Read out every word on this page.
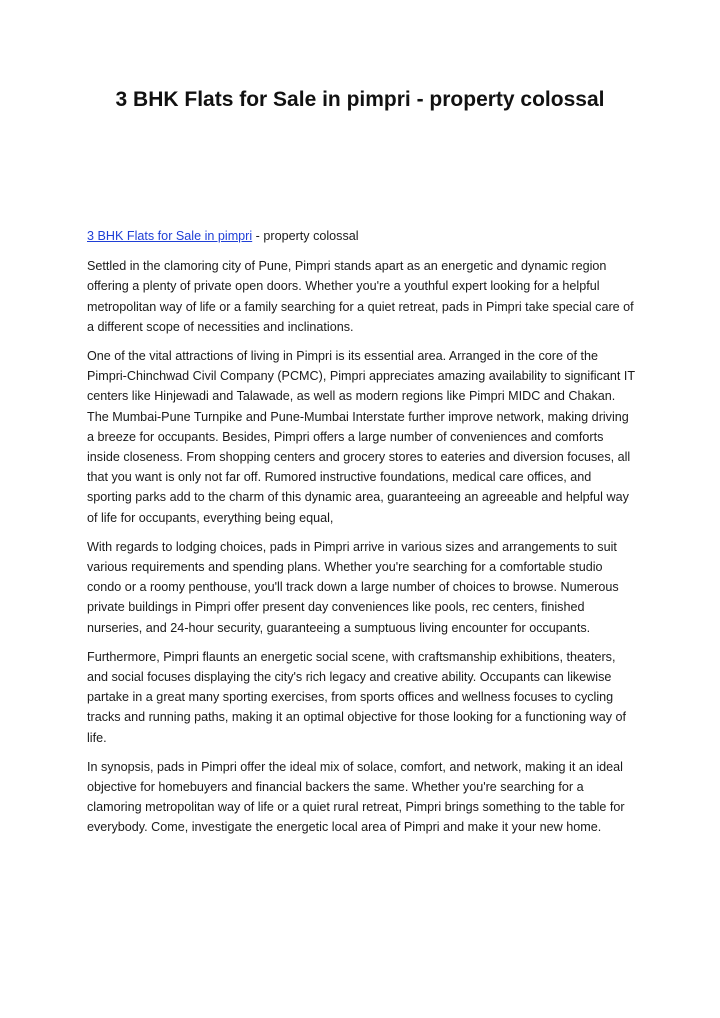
3 BHK Flats for Sale in pimpri - property colossal

3 BHK Flats for Sale in pimpri - property colossal

Settled in the clamoring city of Pune, Pimpri stands apart as an energetic and dynamic region offering a plenty of private open doors. Whether you're a youthful expert looking for a helpful metropolitan way of life or a family searching for a quiet retreat, pads in Pimpri take special care of a different scope of necessities and inclinations.

One of the vital attractions of living in Pimpri is its essential area. Arranged in the core of the Pimpri-Chinchwad Civil Company (PCMC), Pimpri appreciates amazing availability to significant IT centers like Hinjewadi and Talawade, as well as modern regions like Pimpri MIDC and Chakan. The Mumbai-Pune Turnpike and Pune-Mumbai Interstate further improve network, making driving a breeze for occupants. Besides, Pimpri offers a large number of conveniences and comforts inside closeness. From shopping centers and grocery stores to eateries and diversion focuses, all that you want is only not far off. Rumored instructive foundations, medical care offices, and sporting parks add to the charm of this dynamic area, guaranteeing an agreeable and helpful way of life for occupants, everything being equal,

With regards to lodging choices, pads in Pimpri arrive in various sizes and arrangements to suit various requirements and spending plans. Whether you're searching for a comfortable studio condo or a roomy penthouse, you'll track down a large number of choices to browse. Numerous private buildings in Pimpri offer present day conveniences like pools, rec centers, finished nurseries, and 24-hour security, guaranteeing a sumptuous living encounter for occupants.

Furthermore, Pimpri flaunts an energetic social scene, with craftsmanship exhibitions, theaters, and social focuses displaying the city's rich legacy and creative ability. Occupants can likewise partake in a great many sporting exercises, from sports offices and wellness focuses to cycling tracks and running paths, making it an optimal objective for those looking for a functioning way of life.

In synopsis, pads in Pimpri offer the ideal mix of solace, comfort, and network, making it an ideal objective for homebuyers and financial backers the same. Whether you're searching for a clamoring metropolitan way of life or a quiet rural retreat, Pimpri brings something to the table for everybody. Come, investigate the energetic local area of Pimpri and make it your new home.
